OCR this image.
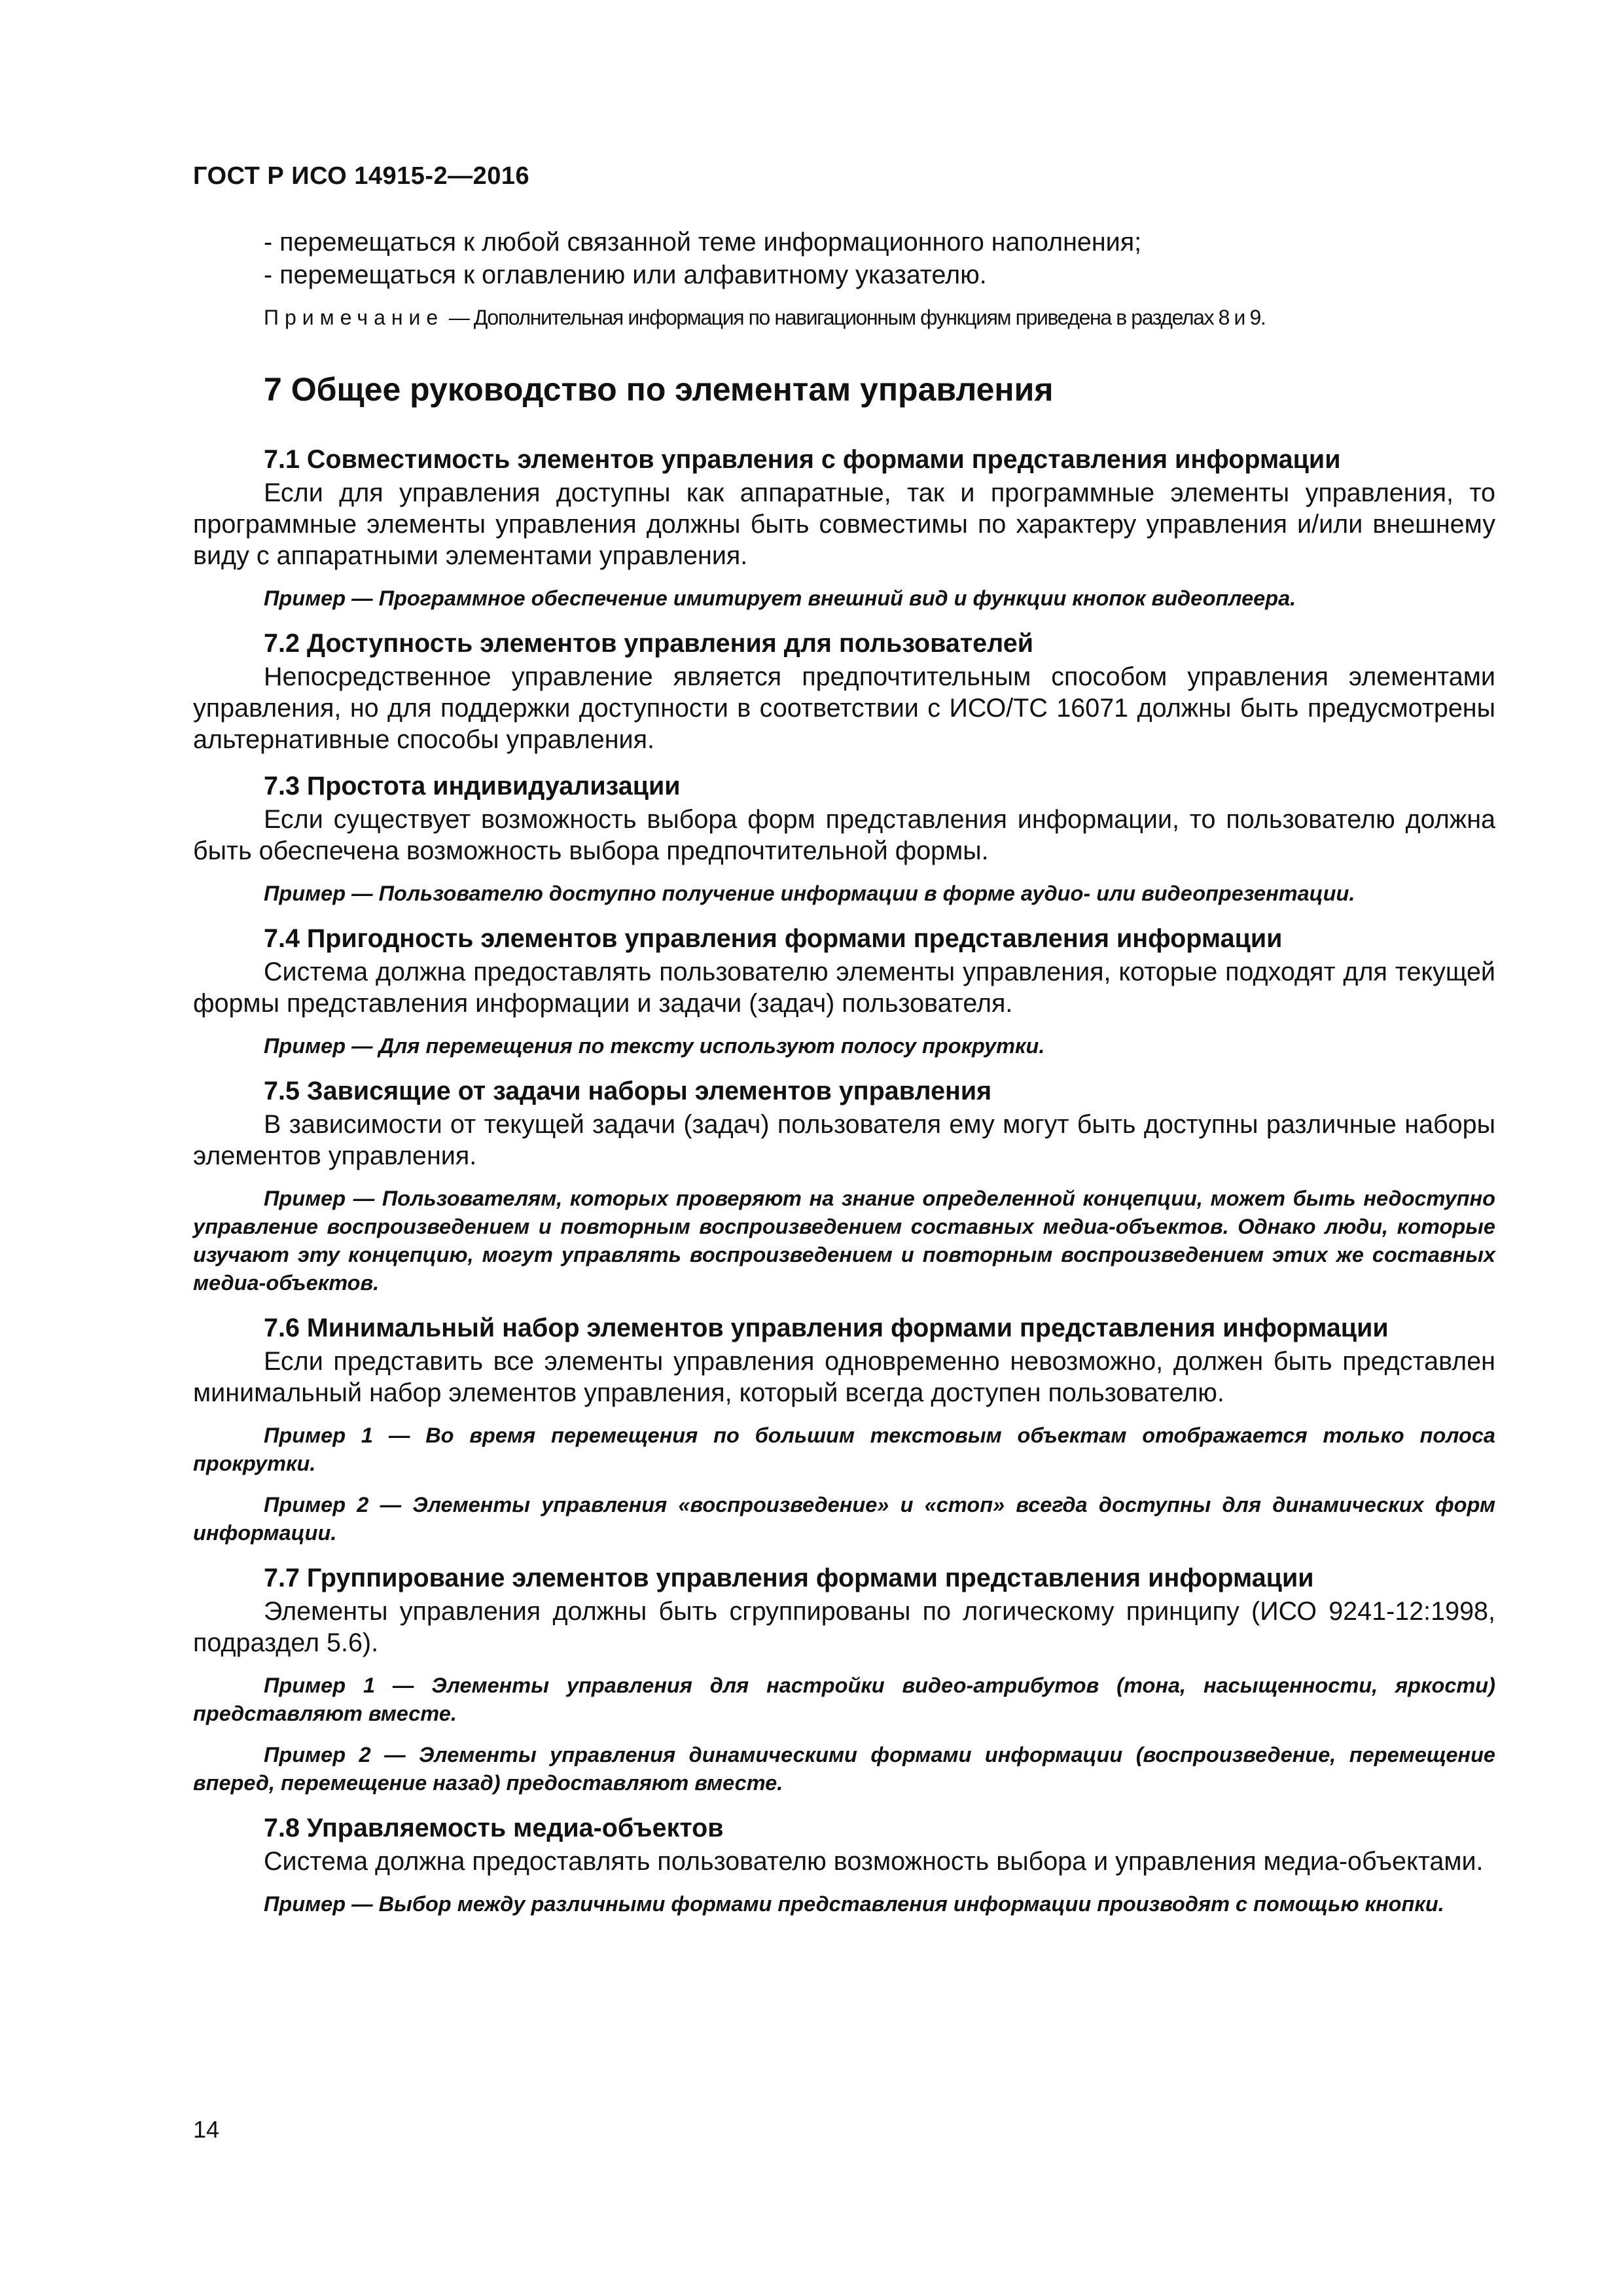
ГОСТ Р ИСО 14915-2—2016

- перемещаться к любой связанной теме информационного наполнения;

- перемещаться к оглавлению или алфавитному указателю.

Примечание — Дополнительная информация по навигационным функциям приведена в разделах 8 и 9.

7 Общее руководство по элементам управления
7.1 Совместимость элементов управления с формами представления информации

Если для управления доступны как аппаратные, так и программные элементы управления, то программные элементы управления должны быть совместимы по характеру управления и/или внешнему виду с аппаратными элементами управления.

Пример — Программное обеспечение имитирует внешний вид и функции кнопок видеоплеера.

7.2 Доступность элементов управления для пользователей

Непосредственное управление является предпочтительным способом управления элементами управления, но для поддержки доступности в соответствии с ИСО/ТС 16071 должны быть предусмотрены альтернативные способы управления.

7.3 Простота индивидуализации

Если существует возможность выбора форм представления информации, то пользователю должна быть обеспечена возможность выбора предпочтительной формы.

Пример — Пользователю доступно получение информации в форме аудио- или видеопрезентации.

7.4 Пригодность элементов управления формами представления информации

Система должна предоставлять пользователю элементы управления, которые подходят для текущей формы представления информации и задачи (задач) пользователя.

Пример — Для перемещения по тексту используют полосу прокрутки.

7.5 Зависящие от задачи наборы элементов управления

В зависимости от текущей задачи (задач) пользователя ему могут быть доступны различные наборы элементов управления.

Пример — Пользователям, которых проверяют на знание определенной концепции, может быть недоступно управление воспроизведением и повторным воспроизведением составных медиа-объектов. Однако люди, которые изучают эту концепцию, могут управлять воспроизведением и повторным воспроизведением этих же составных медиа-объектов.

7.6 Минимальный набор элементов управления формами представления информации

Если представить все элементы управления одновременно невозможно, должен быть представлен минимальный набор элементов управления, который всегда доступен пользователю.

Пример 1 — Во время перемещения по большим текстовым объектам отображается только полоса прокрутки.

Пример 2 — Элементы управления «воспроизведение» и «стоп» всегда доступны для динамических форм информации.

7.7 Группирование элементов управления формами представления информации

Элементы управления должны быть сгруппированы по логическому принципу (ИСО 9241-12:1998, подраздел 5.6).

Пример 1 — Элементы управления для настройки видео-атрибутов (тона, насыщенности, яркости) представляют вместе.

Пример 2 — Элементы управления динамическими формами информации (воспроизведение, перемещение вперед, перемещение назад) предоставляют вместе.

7.8 Управляемость медиа-объектов

Система должна предоставлять пользователю возможность выбора и управления медиа-объектами.

Пример — Выбор между различными формами представления информации производят с помощью кнопки.

14
